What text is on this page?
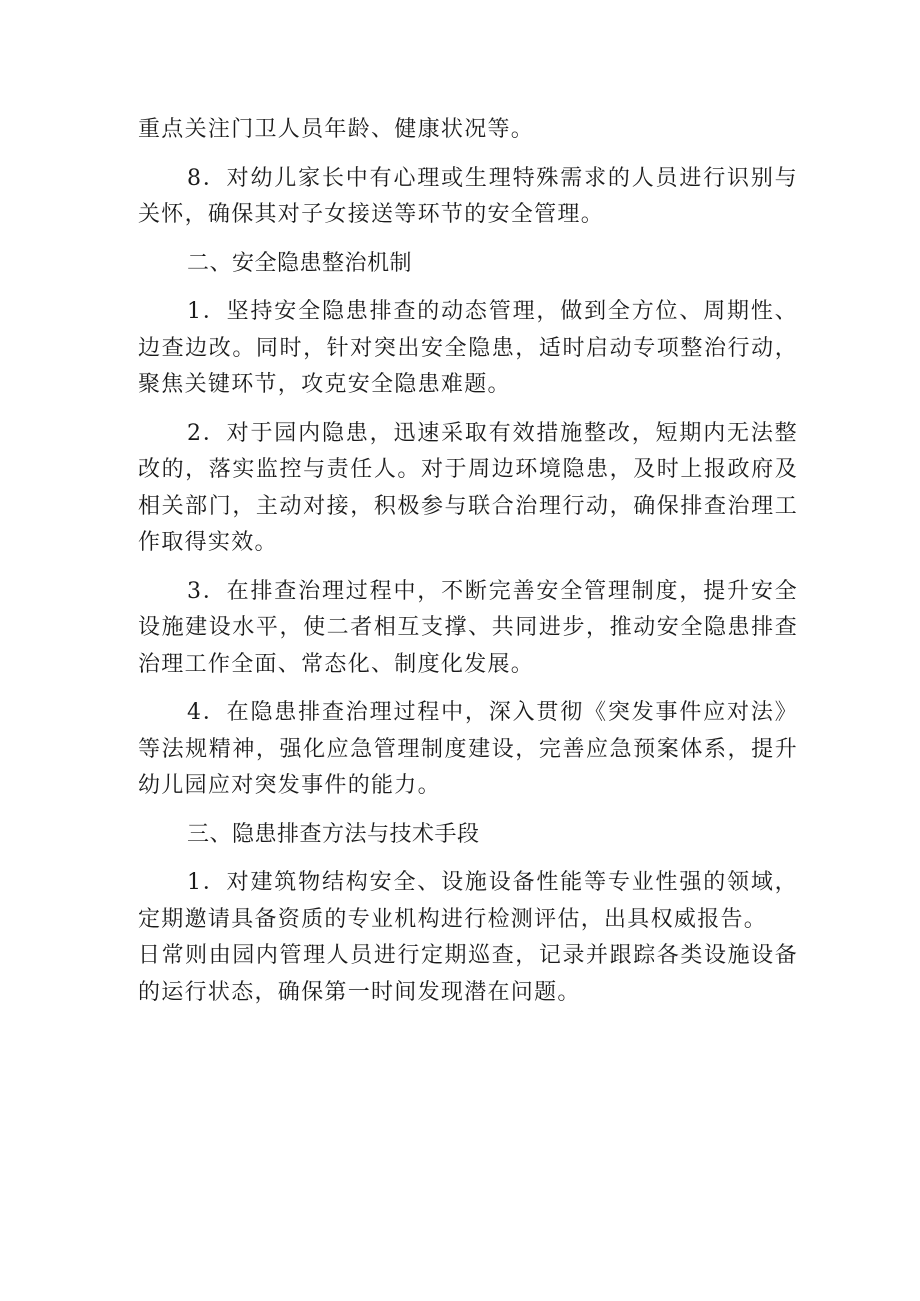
重点关注门卫人员年龄、健康状况等。

8．对幼儿家长中有心理或生理特殊需求的人员进行识别与关怀，确保其对子女接送等环节的安全管理。

二、安全隐患整治机制

1．坚持安全隐患排查的动态管理，做到全方位、周期性、边查边改。同时，针对突出安全隐患，适时启动专项整治行动，聚焦关键环节，攻克安全隐患难题。

2．对于园内隐患，迅速采取有效措施整改，短期内无法整改的，落实监控与责任人。对于周边环境隐患，及时上报政府及相关部门，主动对接，积极参与联合治理行动，确保排查治理工作取得实效。

3．在排查治理过程中，不断完善安全管理制度，提升安全设施建设水平，使二者相互支撑、共同进步，推动安全隐患排查治理工作全面、常态化、制度化发展。

4．在隐患排查治理过程中，深入贯彻《突发事件应对法》等法规精神，强化应急管理制度建设，完善应急预案体系，提升幼儿园应对突发事件的能力。

三、隐患排查方法与技术手段

1．对建筑物结构安全、设施设备性能等专业性强的领域，定期邀请具备资质的专业机构进行检测评估，出具权威报告。

日常则由园内管理人员进行定期巡查，记录并跟踪各类设施设备的运行状态，确保第一时间发现潜在问题。
